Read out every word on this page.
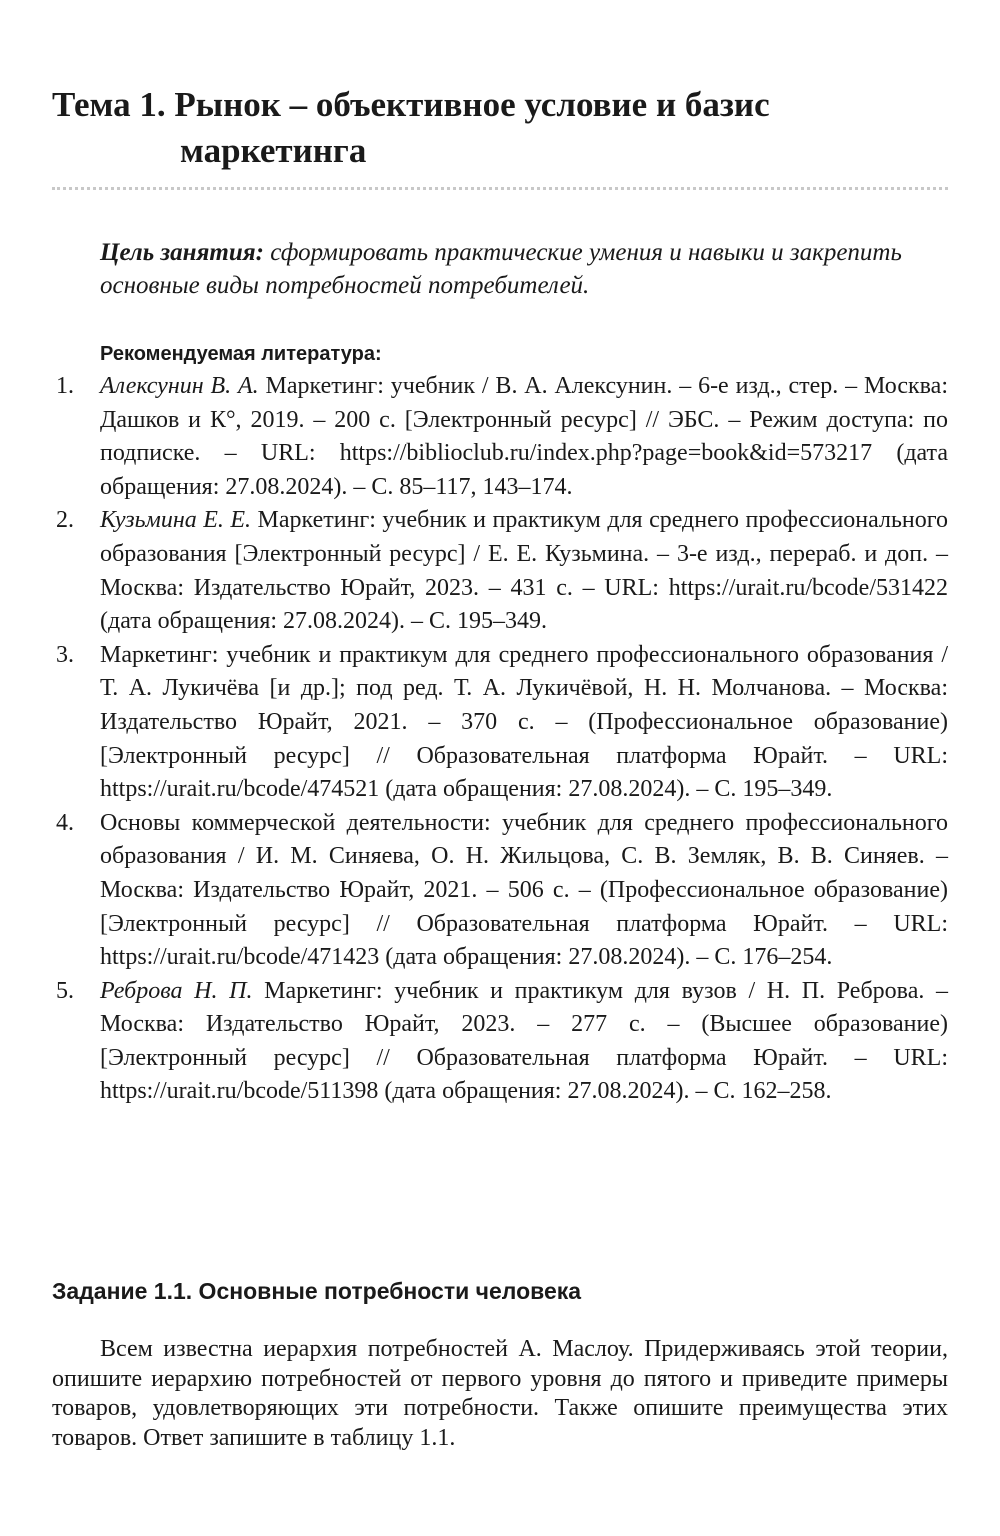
Тема 1. Рынок – объективное условие и базис
маркетинга

Цель занятия: сформировать практические умения и навыки и закрепить основные виды потребностей потребителей.

Рекомендуемая литература:

1. Алексунин В. А. Маркетинг: учебник / В. А. Алексунин. – 6-е изд., стер. – Москва: Дашков и К°, 2019. – 200 с. [Электронный ресурс] // ЭБС. – Режим доступа: по подписке. – URL: https://biblioclub.ru/index.php?page=book&id=573217 (дата обращения: 27.08.2024). – С. 85–117, 143–174.
2. Кузьмина Е. Е. Маркетинг: учебник и практикум для среднего профессионального образования [Электронный ресурс] / Е. Е. Кузьмина. – 3-е изд., перераб. и доп. – Москва: Издательство Юрайт, 2023. – 431 с. – URL: https://urait.ru/bcode/531422 (дата обращения: 27.08.2024). – С. 195–349.
3. Маркетинг: учебник и практикум для среднего профессионального образования / Т. А. Лукичёва [и др.]; под ред. Т. А. Лукичёвой, Н. Н. Молчанова. – Москва: Издательство Юрайт, 2021. – 370 с. – (Профессиональное образование) [Электронный ресурс] // Образовательная платформа Юрайт. – URL: https://urait.ru/bcode/474521 (дата обращения: 27.08.2024). – С. 195–349.
4. Основы коммерческой деятельности: учебник для среднего профессионального образования / И. М. Синяева, О. Н. Жильцова, С. В. Земляк, В. В. Синяев. – Москва: Издательство Юрайт, 2021. – 506 с. – (Профессиональное образование) [Электронный ресурс] // Образовательная платформа Юрайт. – URL: https://urait.ru/bcode/471423 (дата обращения: 27.08.2024). – С. 176–254.
5. Реброва Н. П. Маркетинг: учебник и практикум для вузов / Н. П. Реброва. – Москва: Издательство Юрайт, 2023. – 277 с. – (Высшее образование) [Электронный ресурс] // Образовательная платформа Юрайт. – URL: https://urait.ru/bcode/511398 (дата обращения: 27.08.2024). – С. 162–258.
Задание 1.1. Основные потребности человека

Всем известна иерархия потребностей А. Маслоу. Придерживаясь этой теории, опишите иерархию потребностей от первого уровня до пятого и приведите примеры товаров, удовлетворяющих эти потребности. Также опишите преимущества этих товаров. Ответ запишите в таблицу 1.1.
